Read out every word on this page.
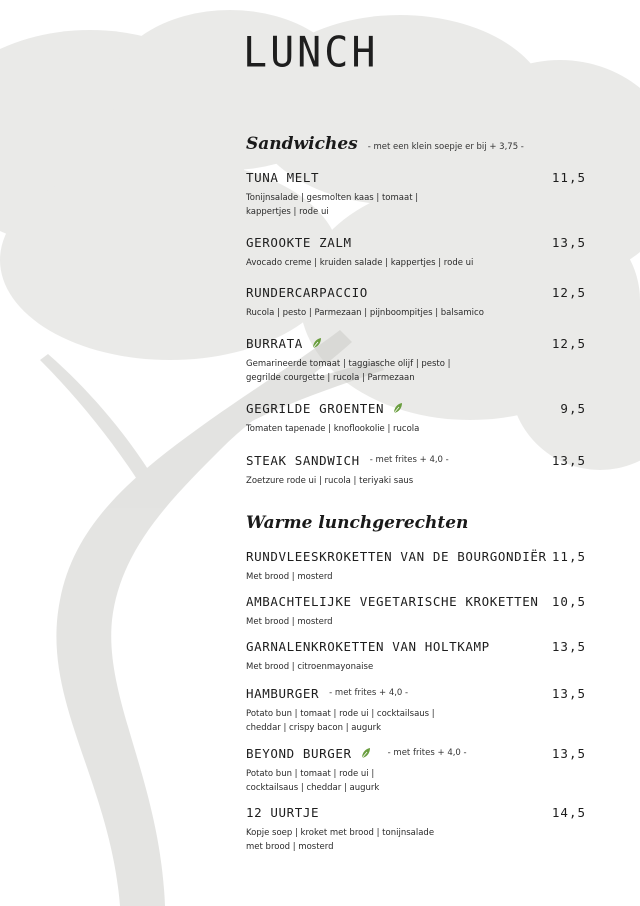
LUNCH
Sandwiches - met een klein soepje er bij + 3,75 -
TUNA MELT	11,5
Tonijnsalade | gesmolten kaas | tomaat |
kappertjes | rode ui
GEROOKTE ZALM	13,5
Avocado creme | kruiden salade | kappertjes | rode ui
RUNDERCARPACCIO	12,5
Rucola | pesto | Parmezaan | pijnboompitjes | balsamico
BURRATA	12,5
Gemarineerde tomaat | taggiasche olijf | pesto |
gegrilde courgette | rucola | Parmezaan
GEGRILDE GROENTEN	9,5
Tomaten tapenade | knoflookolie | rucola
STEAK SANDWICH - met frites + 4,0 -	13,5
Zoetzure rode ui | rucola | teriyaki saus
Warme lunchgerechten
RUNDVLEESKROKETTEN VAN DE BOURGONDIËR 11,5
Met brood | mosterd
AMBACHTELIJKE VEGETARISCHE KROKETTEN 10,5
Met brood | mosterd
GARNALENKROKETTEN VAN HOLTKAMP	13,5
Met brood | citroenmayonaise
HAMBURGER - met frites + 4,0 -	13,5
Potato bun | tomaat | rode ui | cocktailsaus |
cheddar | crispy bacon | augurk
BEYOND BURGER	- met frites + 4,0 -	13,5
Potato bun | tomaat | rode ui |
cocktailsaus | cheddar | augurk
12 UURTJE	14,5
Kopje soep | kroket met brood | tonijnsalade
met brood | mosterd
